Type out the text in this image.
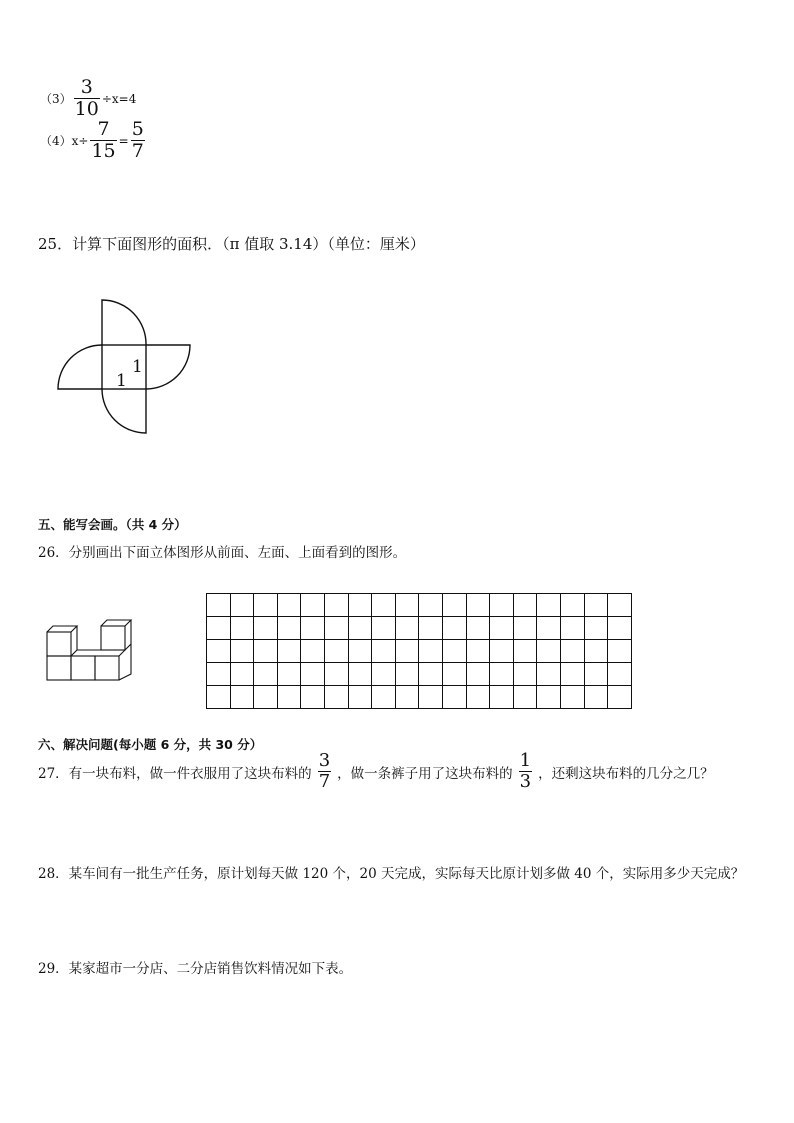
$(3) \frac{3}{10} \div x=4$
（4） $x\div \frac{7}{15} = \frac{5}{7}$
25．计算下面图形的面积．（π 值取 3.14）（单位：厘米）
1
1
五、能写会画。（共 4 分）
26．分别画出下面立体图形从前面、左面、上面看到的图形。

六、解决问题(每小题 6 分，共 30 分）
27．有一块布料，做一件衣服用了这块布料的 $\frac{3}{7}$ ，做一条裤子用了这块布料的 $\frac{1}{3}$ ，还剩这块布料的几分之几？
28．某车间有一批生产任务，原计划每天做 120 个，20 天完成，实际每天比原计划多做 40 个，实际用多少天完成？
29．某家超市一分店、二分店销售饮料情况如下表。
